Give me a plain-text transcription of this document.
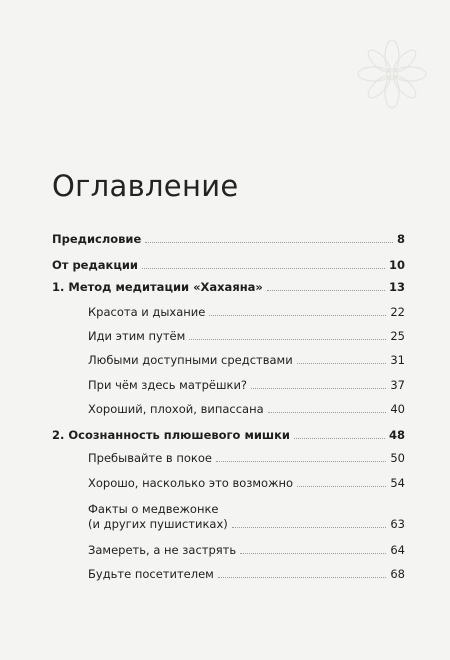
Оглавление
Предисловие	8
От редакции	10
1. Метод медитации «Хахаяна»	13
Красота и дыхание	22
Иди этим путём	25
Любыми доступными средствами	31
При чём здесь матрёшки?	37
Хороший, плохой, випассана	40
2. Осознанность плюшевого мишки	48
Пребывайте в покое	50
Хорошо, насколько это возможно	54
Факты о медвежонке
(и других пушистиках)	63
Замереть, а не застрять	64
Будьте посетителем	68
